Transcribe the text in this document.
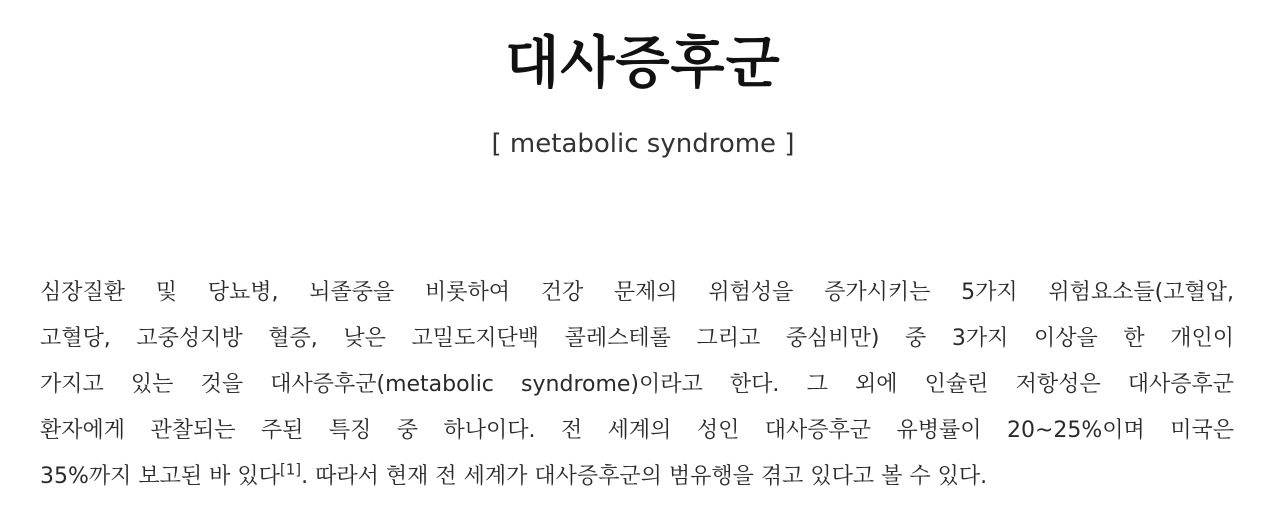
대사증후군
[ metabolic syndrome ]
심장질환 및 당뇨병, 뇌졸중을 비롯하여 건강 문제의 위험성을 증가시키는 5가지 위험요소들(고혈압,
고혈당, 고중성지방 혈증, 낮은 고밀도지단백 콜레스테롤 그리고 중심비만) 중 3가지 이상을 한 개인이
가지고 있는 것을 대사증후군(metabolic syndrome)이라고 한다. 그 외에 인슐린 저항성은 대사증후군
환자에게 관찰되는 주된 특징 중 하나이다. 전 세계의 성인 대사증후군 유병률이 20~25%이며 미국은
35%까지 보고된 바 있다[1]. 따라서 현재 전 세계가 대사증후군의 범유행을 겪고 있다고 볼 수 있다.
